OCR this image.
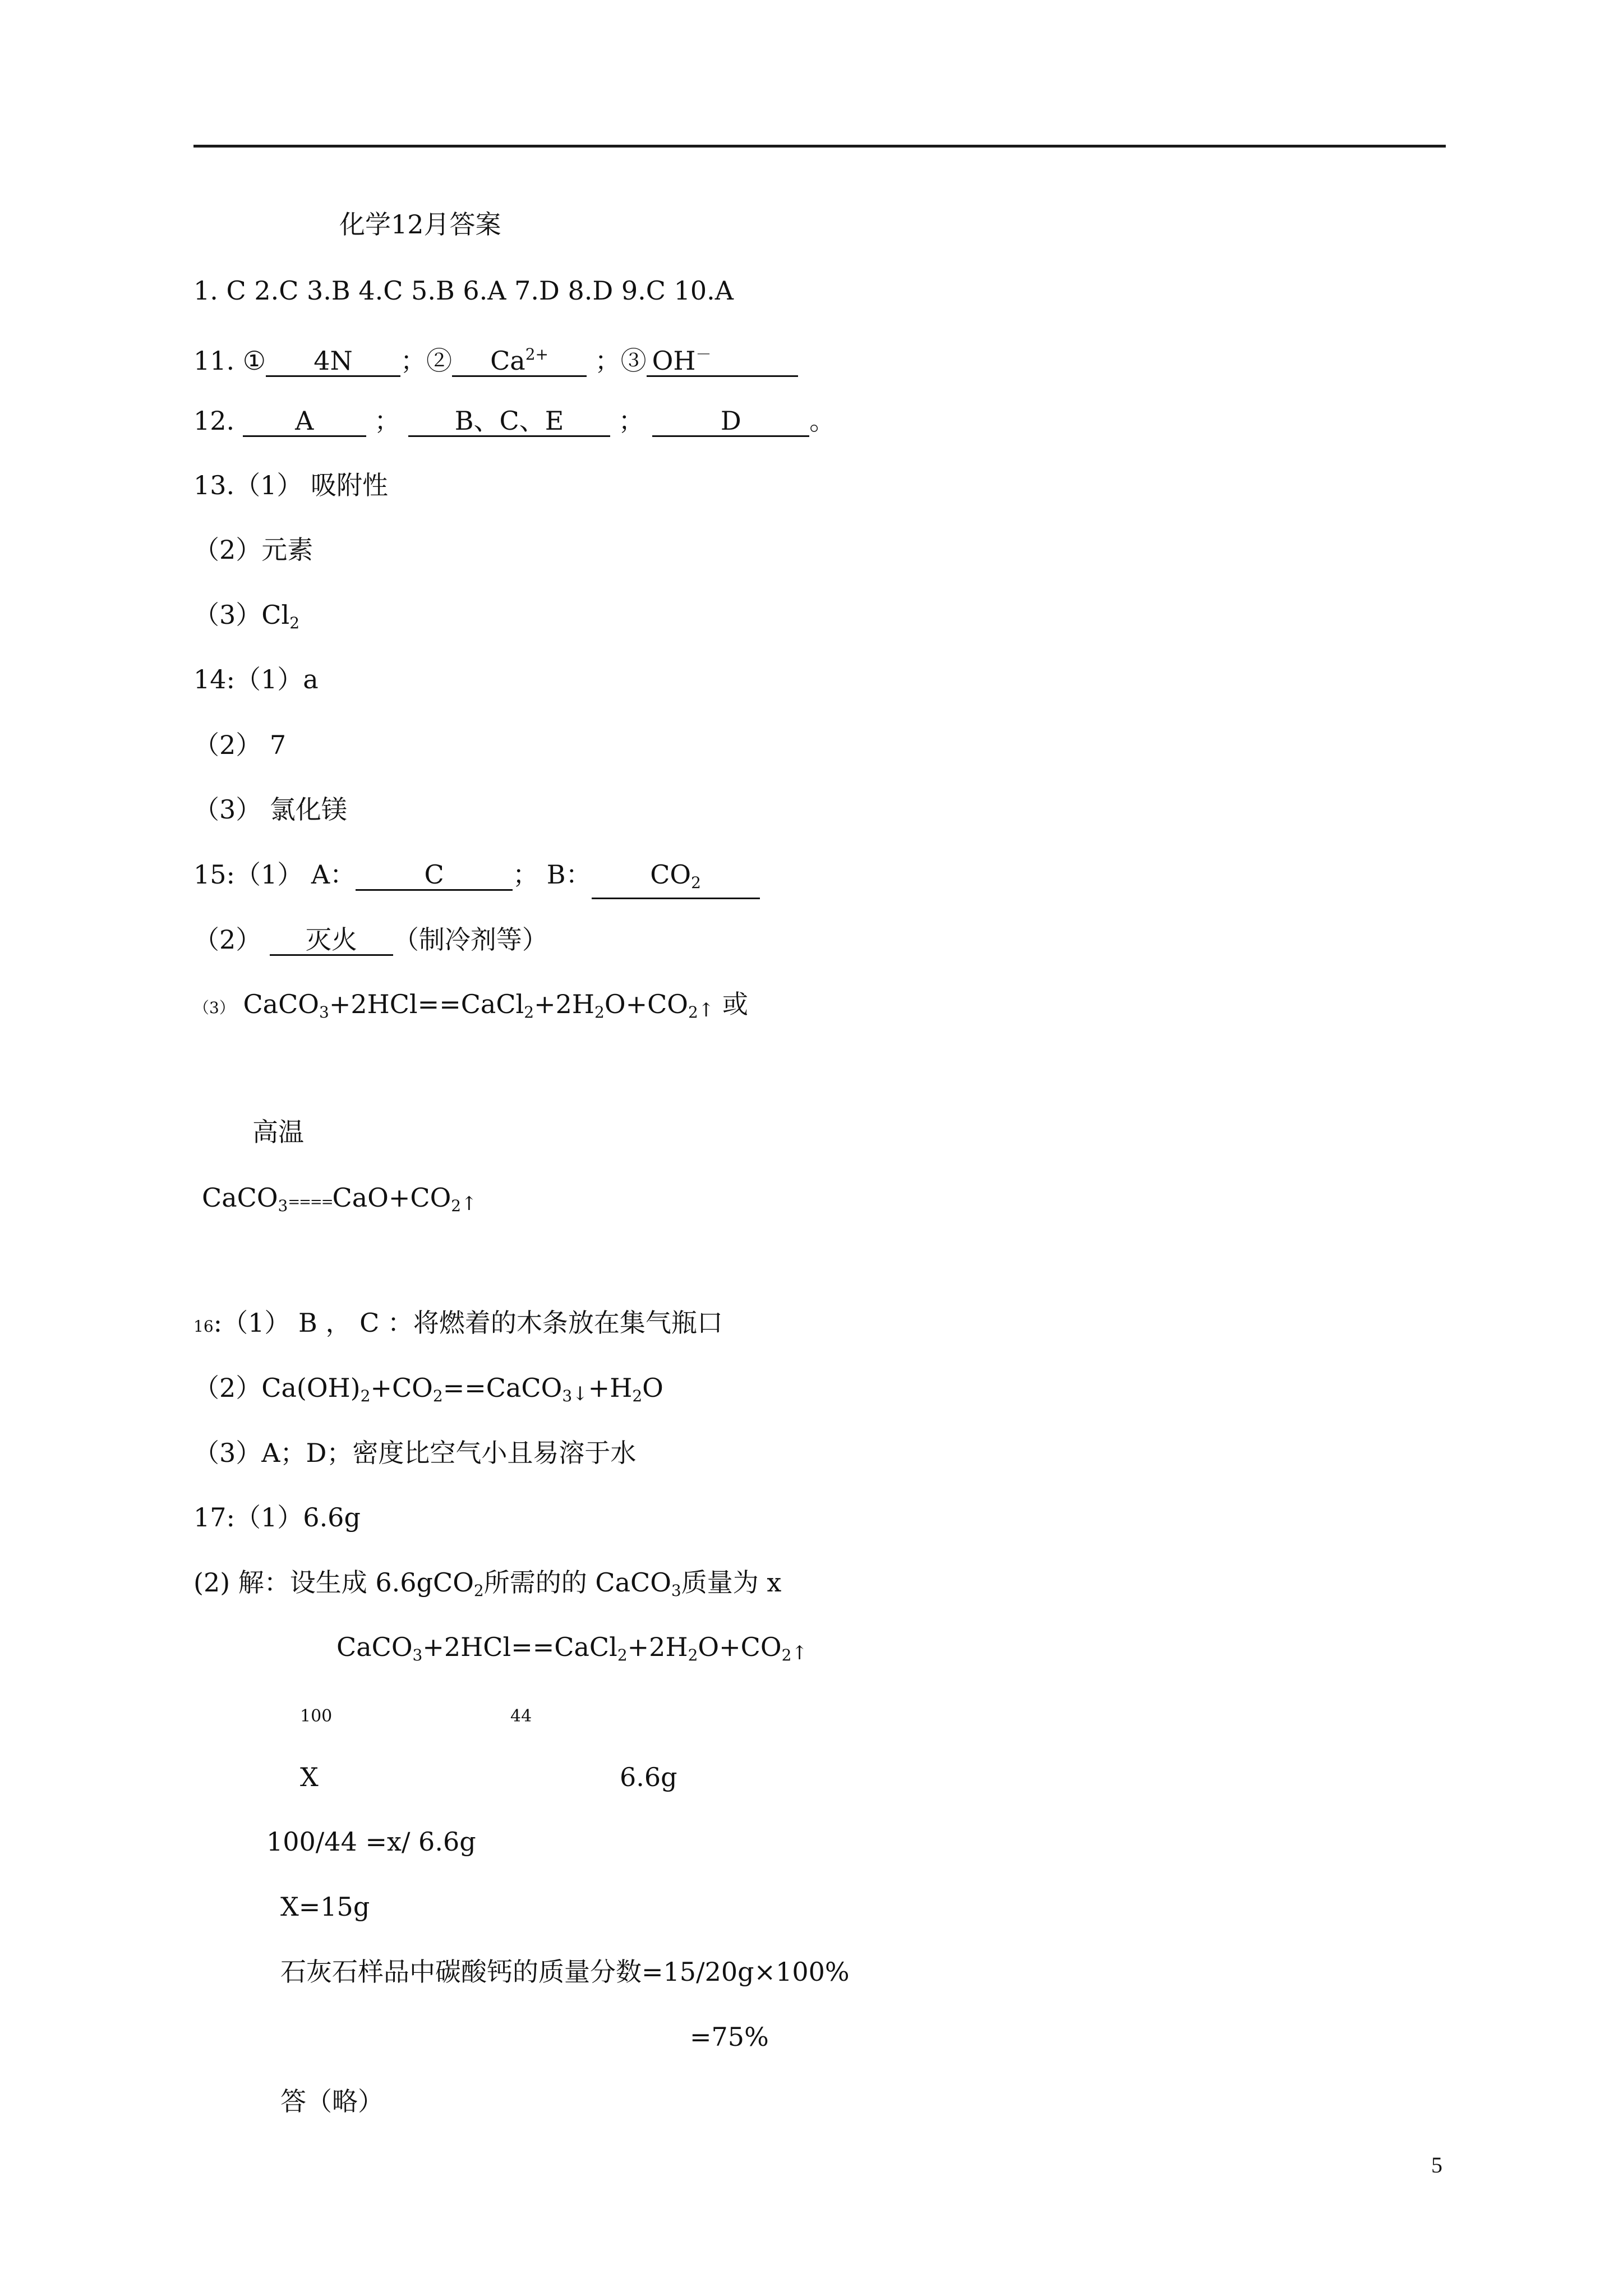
化学12月答案
1. C 2.C 3.B 4.C 5.B 6.A 7.D 8.D 9.C 10.A
11. ① 4N ；② $Ca^{2+}$ ；③ OH－
12. A ； B、C、E ；	D	。
13.（1） 吸附性
（2）元素
$(3)Cl_2$
14:（1）a
（2） 7
（3） 氯化镁
15:（1） A：	C	； B： $CO_2$
（2） 灭火 （制冷剂等）
（3） $CaCO_3+2HCl==CaCl_2+2H_2O+CO_2↑$ 或
高温
$CaCO_3====CaO+CO_2↑$
16:（1） B ， C ：将燃着的木条放在集气瓶口
$(2)Ca(OH)_2+CO_2==CaCO_3↓+H_2O$
（3）A；D；密度比空气小且易溶于水
17:（1）6.6g
(2) 解：设生成 6.6gCO$_2$所需的的 CaCO$_3$质量为 x
$CaCO_3+2HCl==CaCl_2+2H_2O+CO_2↑$
100	44
X	6.6g
100/44 =x/ 6.6g
X=15g
石灰石样品中碳酸钙的质量分数=15/20g×100%
=75%
答（略）
5
